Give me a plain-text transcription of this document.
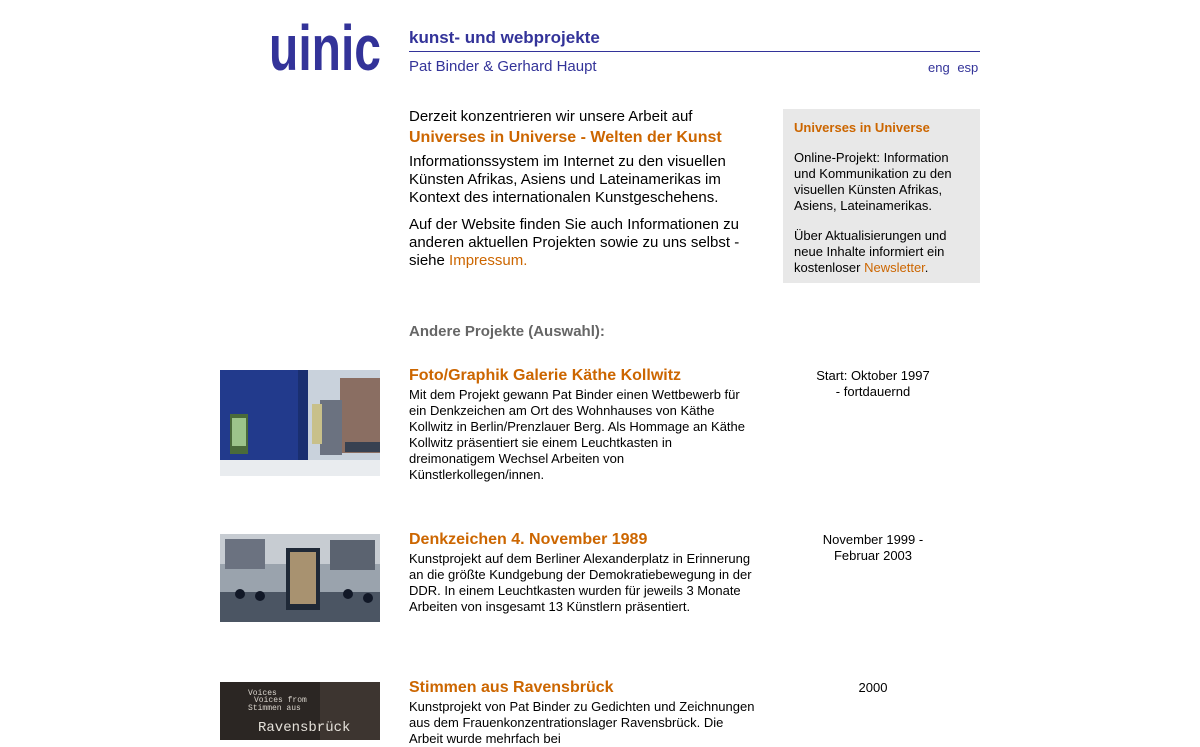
uinic kunst- und webprojekte
Pat Binder & Gerhard Haupt	eng esp

Derzeit konzentrieren wir unsere Arbeit auf

Universes in Universe - Welten der Kunst

Informationssystem im Internet zu den visuellen Künsten Afrikas, Asiens und Lateinamerikas im Kontext des internationalen Kunstgeschehens.

Auf der Website finden Sie auch Informationen zu anderen aktuellen Projekten sowie zu uns selbst - siehe Impressum.

Universes in Universe

Online-Projekt: Information und Kommunikation zu den visuellen Künsten Afrikas, Asiens, Lateinamerikas.

Über Aktualisierungen und neue Inhalte informiert ein kostenloser Newsletter.

Andere Projekte (Auswahl):
Foto/Graphik Galerie Käthe Kollwitz

Mit dem Projekt gewann Pat Binder einen Wettbewerb für ein Denkzeichen am Ort des Wohnhauses von Käthe Kollwitz in Berlin/Prenzlauer Berg. Als Hommage an Käthe Kollwitz präsentiert sie einem Leuchtkasten in dreimonatigem Wechsel Arbeiten von Künstlerkollegen/innen.

Start: Oktober 1997
- fortdauernd
Denkzeichen 4. November 1989

Kunstprojekt auf dem Berliner Alexanderplatz in Erinnerung an die größte Kundgebung der Demokratiebewegung in der DDR. In einem Leuchtkasten wurden für jeweils 3 Monate Arbeiten von insgesamt 13 Künstlern präsentiert.

November 1999 -
Februar 2003
Voices
Voices from
Stimmen aus
Ravensbrück
Stimmen aus Ravensbrück

Kunstprojekt von Pat Binder zu Gedichten und Zeichnungen aus dem Frauenkonzentrationslager Ravensbrück. Die Arbeit wurde mehrfach bei

2000
